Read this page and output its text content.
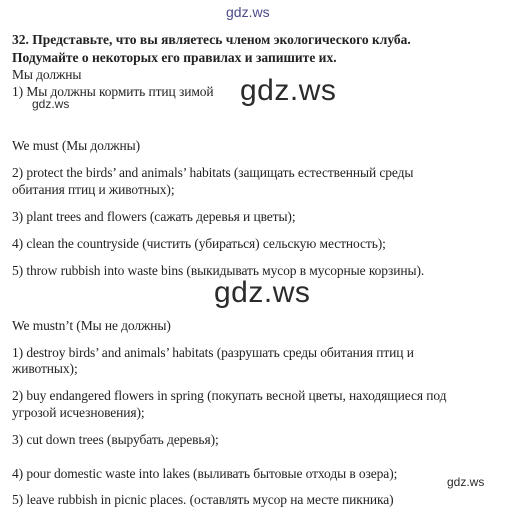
gdz.ws
32. Представьте, что вы являетесь членом экологического клуба.
Подумайте о некоторых его правилах и запишите их.
Мы должны
1) Мы должны кормить птиц зимой gdz.ws
gdz.ws
We must (Мы должны)
2) protect the birds’ and animals’ habitats (защищать естественный среды
обитания птиц и животных);
3) plant trees and flowers (сажать деревья и цветы);
4) clean the countryside (чистить (убираться) сельскую местность);
5) throw rubbish into waste bins (выкидывать мусор в мусорные корзины).
gdz.ws
We mustn’t (Мы не должны)
1) destroy birds’ and animals’ habitats (разрушать среды обитания птиц и
животных);
2) buy endangered flowers in spring (покупать весной цветы, находящиеся под
угрозой исчезновения);
3) cut down trees (вырубать деревья);
4) pour domestic waste into lakes (выливать бытовые отходы в озера);
5) leave rubbish in picnic places. (оставлять мусор на месте пикника)
gdz.ws
